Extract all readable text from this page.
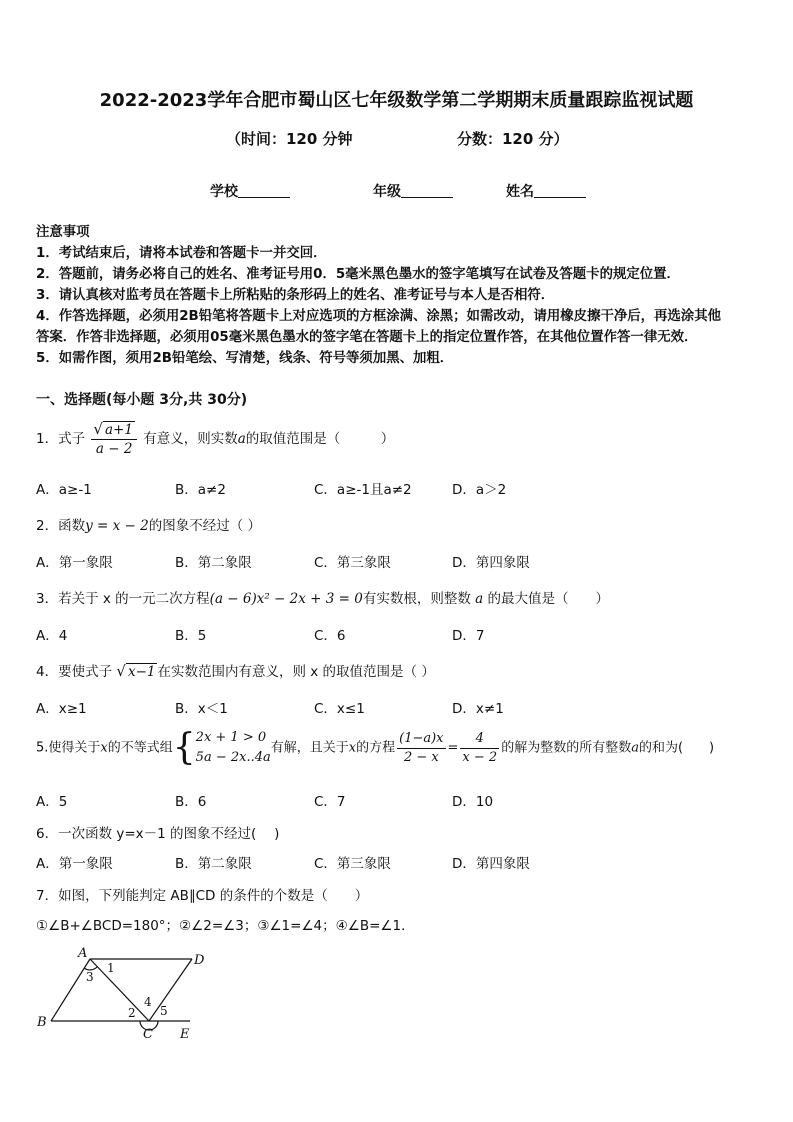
2022-2023学年合肥市蜀山区七年级数学第二学期期末质量跟踪监视试题
（时间：120 分钟	分数：120 分）
学校	年级	姓名
注意事项
1．考试结束后，请将本试卷和答题卡一并交回．
2．答题前，请务必将自己的姓名、准考证号用0．5毫米黑色墨水的签字笔填写在试卷及答题卡的规定位置．
3．请认真核对监考员在答题卡上所粘贴的条形码上的姓名、准考证号与本人是否相符．
4．作答选择题，必须用2B铅笔将答题卡上对应选项的方框涂满、涂黑；如需改动，请用橡皮擦干净后，再选涂其他
答案．作答非选择题，必须用05毫米黑色墨水的签字笔在答题卡上的指定位置作答，在其他位置作答一律无效．
5．如需作图，须用2B铅笔绘、写清楚，线条、符号等须加黑、加粗．
一、选择题(每小题 3分,共 30分)
1．式子 $\frac{√ a+1}{a - 2}$ 有意义，则实数a的取值范围是（　　　）
A．a≥-1	B．a≠2	C．a≥-1且a≠2	D．a＞2
2．函数y = x − 2的图象不经过（ ）
A．第一象限	B．第二象限	C．第三象限	D．第四象限
3．若关于 x 的一元二次方程(a − 6)x² − 2x + 3 = 0有实数根，则整数 a 的最大值是（　　）
A．4	B．5	C．6	D．7
4．要使式子 √ x−1 在实数范围内有意义，则 x 的取值范围是（ ）
A．x≥1	B．x＜1	C．x≤1	D．x≠1
5.使得关于x的不等式组{ 2x + 1 > 0
5a − 2x..4a
有解，且关于x的方程 $\frac{(1-a)x}{2 - x} = \frac{4}{x - 2}$ 的解为整数的所有整数a的和为(　　)
A．5	B．6	C．7	D．10
6．一次函数 y=x－1 的图象不经过(　 )
A．第一象限	B．第二象限	C．第三象限	D．第四象限
7．如图，下列能判定 AB∥CD 的条件的个数是（　　）
①∠B+∠BCD=180°；②∠2=∠3；③∠1=∠4；④∠B=∠1．
A	D
B
C E
1
2
3
4
5
